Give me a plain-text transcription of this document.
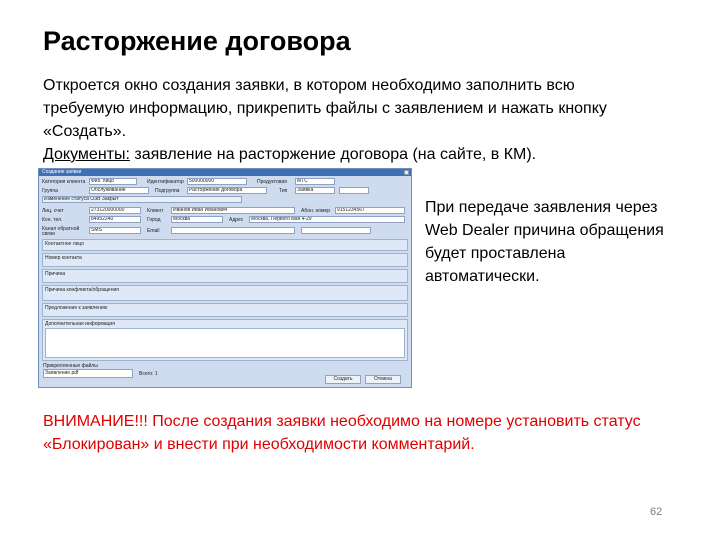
Расторжение договора

Откроется окно создания заявки, в котором необходимо заполнить всю

требуемую информацию, прикрепить файлы с заявлением и нажать кнопку

«Создать».

Документы: заявление на расторжение договора (на сайте, в КМ).

Создание заявки
Категория клиента	Физ. лицо	Идентификатор	500000000	Продуктовая	МТС
Группа	Обслуживание	Подгруппа	Расторжение договора	Тип	Заявка
Изменение статуса ОЗВ Закрыт
Лиц. счет	273120000000	Клиент	Иванов Иван Иванович	Абон. номер	9151234567
Кон. тел.	84952240	Город	Москва	Адрес	Москва, Первого мая 4-29
Канал обратной связи
SMS	Email
Контактное лицо
Номер контакта
Причина
Причина конфликта/обращения
Предложение к заявлению
Дополнительная информация
Прикрепленные файлы
Заявление.pdf	Всего: 1
Создать	Отмена
При передаче заявления через Web Dealer причина обращения будет проставлена автоматически.
ВНИМАНИЕ!!! После создания заявки необходимо на номере установить статус «Блокирован» и внести при необходимости комментарий.
62
